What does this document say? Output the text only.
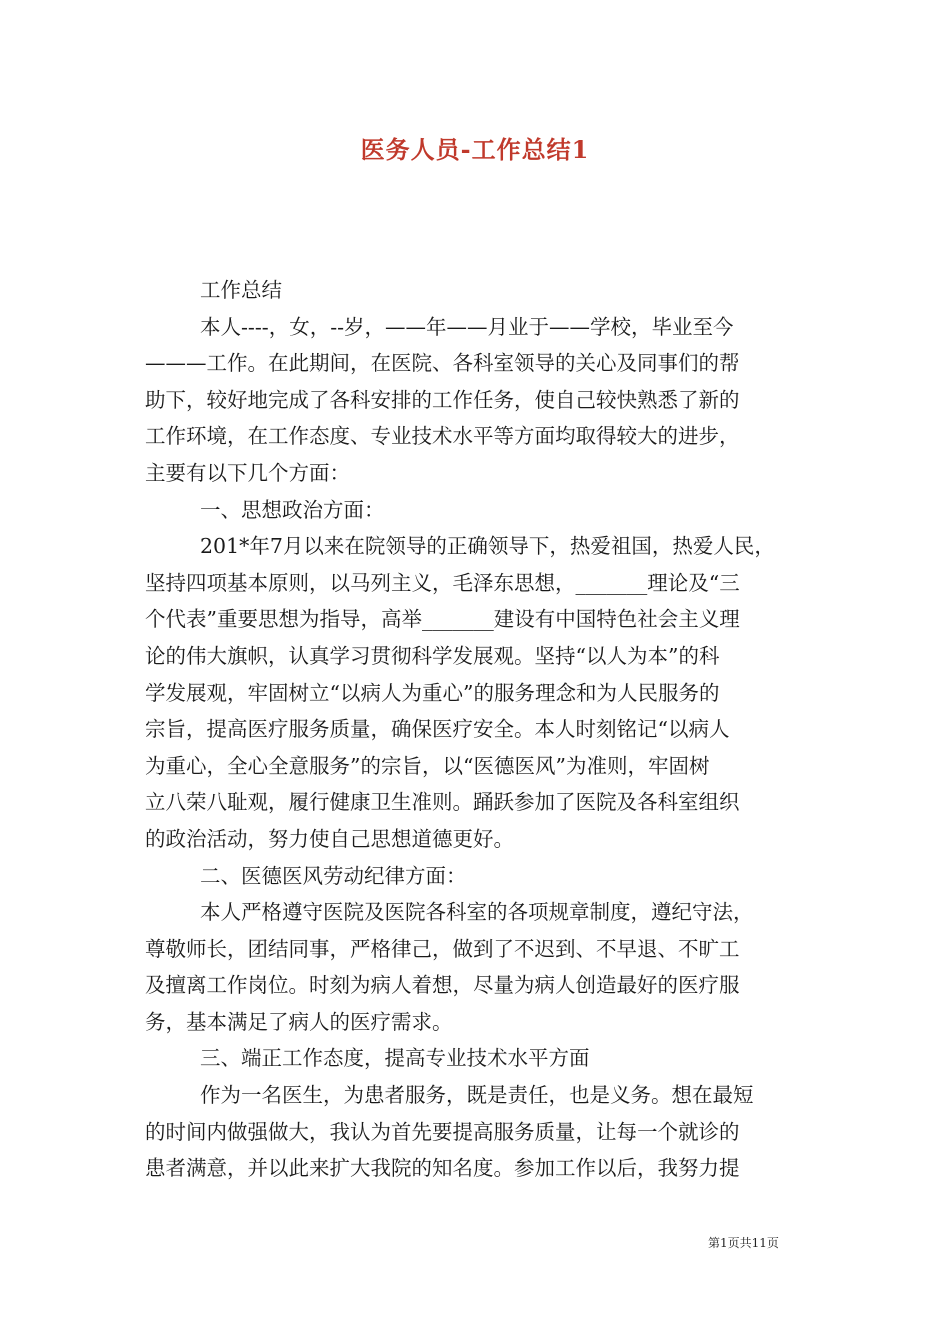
医务人员-工作总结1
工作总结
本人----，女，--岁，——年——月业于——学校，毕业至今
———工作。在此期间，在医院、各科室领导的关心及同事们的帮
助下，较好地完成了各科安排的工作任务，使自己较快熟悉了新的
工作环境，在工作态度、专业技术水平等方面均取得较大的进步，
主要有以下几个方面：
一、思想政治方面：
201*年7月以来在院领导的正确领导下，热爱祖国，热爱人民，
坚持四项基本原则，以马列主义，毛泽东思想，_______理论及“三
个代表”重要思想为指导，高举_______建设有中国特色社会主义理
论的伟大旗帜，认真学习贯彻科学发展观。坚持“以人为本”的科
学发展观，牢固树立“以病人为重心”的服务理念和为人民服务的
宗旨，提高医疗服务质量，确保医疗安全。本人时刻铭记“以病人
为重心，全心全意服务”的宗旨，以“医德医风”为准则，牢固树
立八荣八耻观，履行健康卫生准则。踊跃参加了医院及各科室组织
的政治活动，努力使自己思想道德更好。
二、医德医风劳动纪律方面：
本人严格遵守医院及医院各科室的各项规章制度，遵纪守法，
尊敬师长，团结同事，严格律己，做到了不迟到、不早退、不旷工
及擅离工作岗位。时刻为病人着想，尽量为病人创造最好的医疗服
务，基本满足了病人的医疗需求。
三、端正工作态度，提高专业技术水平方面
作为一名医生，为患者服务，既是责任，也是义务。想在最短
的时间内做强做大，我认为首先要提高服务质量，让每一个就诊的
患者满意，并以此来扩大我院的知名度。参加工作以后，我努力提
第1页共11页
